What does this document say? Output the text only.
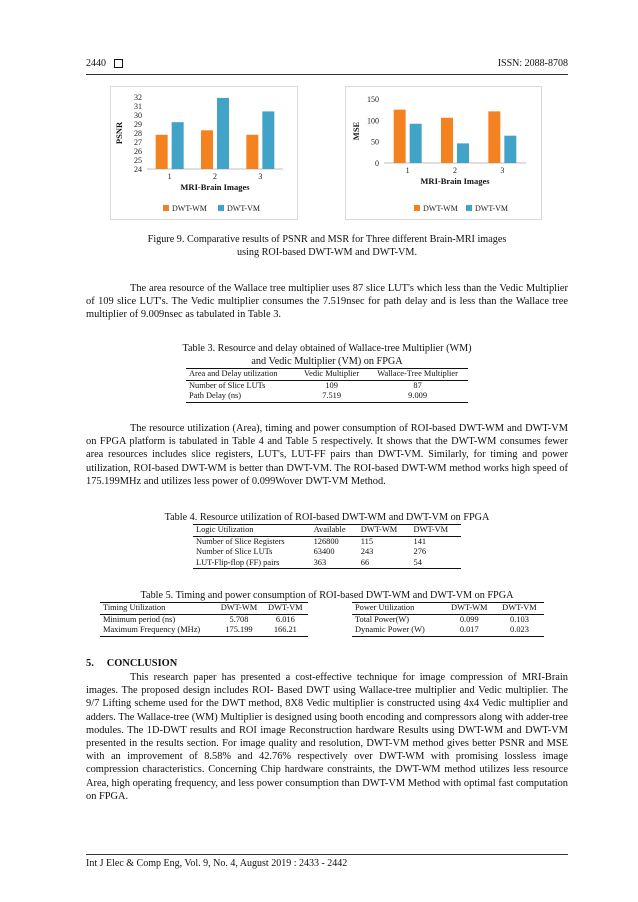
2440	ISSN: 2088-8708
24
25
26
27
28
29
30
31
32
PSNR
1	2	3
MRI-Brain Images
DWT-WM	DWT-VM
0
50
100
150
MSE
1	2	3
MRI-Brain Images
DWT-WM DWT-VM
Figure 9. Comparative results of PSNR and MSR for Three different Brain-MRI images
using ROI-based DWT-WM and DWT-VM.
The area resource of the Wallace tree multiplier uses 87 slice LUT's which less than the Vedic Multiplier of 109 slice LUT's. The Vedic multiplier consumes the 7.519nsec for path delay and is less than the Wallace tree multiplier of 9.009nsec as tabulated in Table 3.
Table 3. Resource and delay obtained of Wallace-tree Multiplier (WM)
and Vedic Multiplier (VM) on FPGA
Area and Delay utilization	Vedic Multiplier	Wallace-Tree Multiplier
Number of Slice LUTs	109	87
Path Delay (ns)	7.519	9.009
The resource utilization (Area), timing and power consumption of ROI-based DWT-WM and DWT-VM on FPGA platform is tabulated in Table 4 and Table 5 respectively. It shows that the DWT-WM consumes fewer area resources includes slice registers, LUT's, LUT-FF pairs than DWT-VM. Similarly, for timing and power utilization, ROI-based DWT-WM is better than DWT-VM. The ROI-based DWT-WM method works high speed of 175.199MHz and utilizes less power of 0.099Wover DWT-VM Method.
Table 4. Resource utilization of ROI-based DWT-WM and DWT-VM on FPGA
Logic Utilization	Available	DWT-WM	DWT-VM
Number of Slice Registers	126800	115	141
Number of Slice LUTs	63400	243	276
LUT-Flip-flop (FF) pairs	363	66	54
Table 5. Timing and power consumption of ROI-based DWT-WM and DWT-VM on FPGA
Timing Utilization	DWT-WM	DWT-VM
Minimum period (ns)	5.708	6.016
Maximum Frequency (MHz)	175.199	166.21
Power Utilization	DWT-WM	DWT-VM
Total Power(W)	0.099	0.103
Dynamic Power (W)	0.017	0.023
5.     CONCLUSION
This research paper has presented a cost-effective technique for image compression of MRI-Brain images. The proposed design includes ROI- Based DWT using Wallace-tree multiplier and Vedic multiplier. The 9/7 Lifting scheme used for the DWT method, 8X8 Vedic multiplier is constructed using 4x4 Vedic multiplier and adders. The Wallace-tree (WM) Multiplier is designed using booth encoding and compressors along with adder-tree modules. The 1D-DWT results and ROI image Reconstruction hardware Results using DWT-WM and DWT-VM presented in the results section. For image quality and resolution, DWT-VM method gives better PSNR and MSE with an improvement of 8.58% and 42.76% respectively over DWT-WM with promising lossless image compression characteristics. Concerning Chip hardware constraints, the DWT-WM method utilizes less resource Area, high operating frequency, and less power consumption than DWT-VM Method with optimal fast computation on FPGA.
Int J Elec & Comp Eng, Vol. 9, No. 4, August 2019 : 2433 - 2442
